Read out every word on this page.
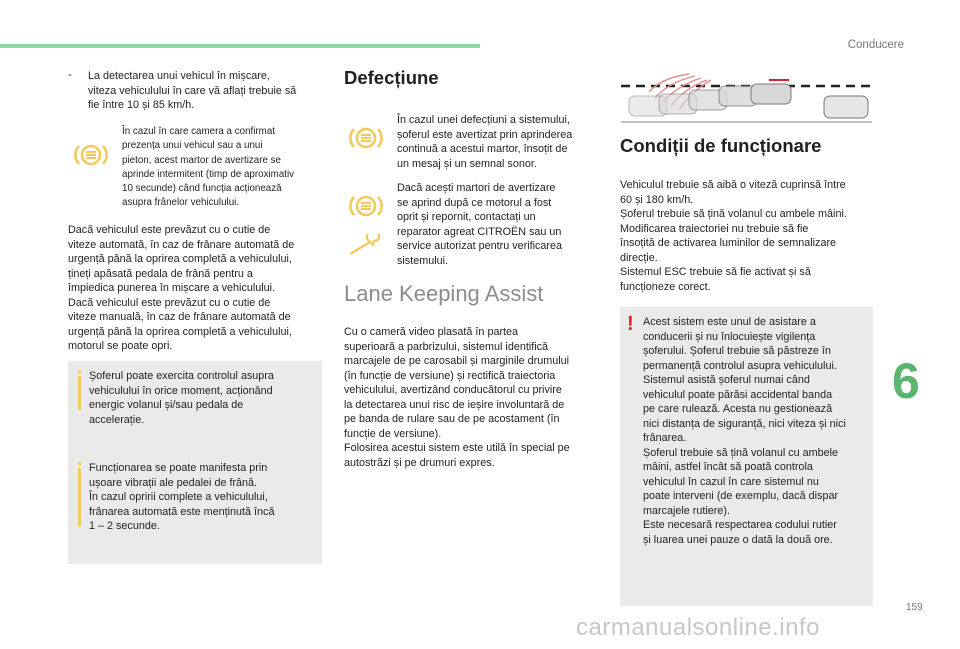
Conducere
6
159
carmanualsonline.info
- La detectarea unui vehicul în mișcare,
viteza vehiculului în care vă aflați trebuie să
fie între 10 și 85 km/h.

În cazul în care camera a confirmat
prezența unui vehicul sau a unui
pieton, acest martor de avertizare se
aprinde intermitent (timp de aproximativ
10 secunde) când funcția acționează
asupra frânelor vehiculului.

Dacă vehiculul este prevăzut cu o cutie de
viteze automată, în caz de frânare automată de
urgență până la oprirea completă a vehiculului,
țineți apăsată pedala de frână pentru a
împiedica punerea în mișcare a vehiculului.
Dacă vehiculul este prevăzut cu o cutie de
viteze manuală, în caz de frânare automată de
urgență până la oprirea completă a vehiculului,
motorul se poate opri.

Șoferul poate exercita controlul asupra
vehiculului în orice moment, acționând
energic volanul și/sau pedala de
accelerație.

Funcționarea se poate manifesta prin
ușoare vibrații ale pedalei de frână.
În cazul opririi complete a vehiculului,
frânarea automată este menținută încă
1 – 2 secunde.

Defecțiune

În cazul unei defecțiuni a sistemului,
șoferul este avertizat prin aprinderea
continuă a acestui martor, însoțit de
un mesaj și un semnal sonor.

Dacă acești martori de avertizare
se aprind după ce motorul a fost
oprit și repornit, contactați un
reparator agreat CITROËN sau un
service autorizat pentru verificarea
sistemului.

Lane Keeping Assist

Cu o cameră video plasată în partea
superioară a parbrizului, sistemul identifică
marcajele de pe carosabil și marginile drumului
(în funcție de versiune) și rectifică traiectoria
vehiculului, avertizând conducătorul cu privire
la detectarea unui risc de ieșire involuntară de
pe banda de rulare sau de pe acostament (în
funcție de versiune).
Folosirea acestui sistem este utilă în special pe
autostrăzi și pe drumuri expres.

Condiții de funcționare

Vehiculul trebuie să aibă o viteză cuprinsă între
60 și 180 km/h.
Șoferul trebuie să țină volanul cu ambele mâini.
Modificarea traiectoriei nu trebuie să fie
însoțită de activarea luminilor de semnalizare
direcție.
Sistemul ESC trebuie să fie activat și să
funcționeze corect.

! Acest sistem este unul de asistare a
conducerii și nu înlocuiește vigilența
șoferului. Șoferul trebuie să păstreze în
permanență controlul asupra vehiculului.
Sistemul asistă șoferul numai când
vehiculul poate părăsi accidental banda
pe care rulează. Acesta nu gestionează
nici distanța de siguranță, nici viteza și nici
frânarea.
Șoferul trebuie să țină volanul cu ambele
mâini, astfel încât să poată controla
vehiculul în cazul în care sistemul nu
poate interveni (de exemplu, dacă dispar
marcajele rutiere).
Este necesară respectarea codului rutier
și luarea unei pauze o dată la două ore.
